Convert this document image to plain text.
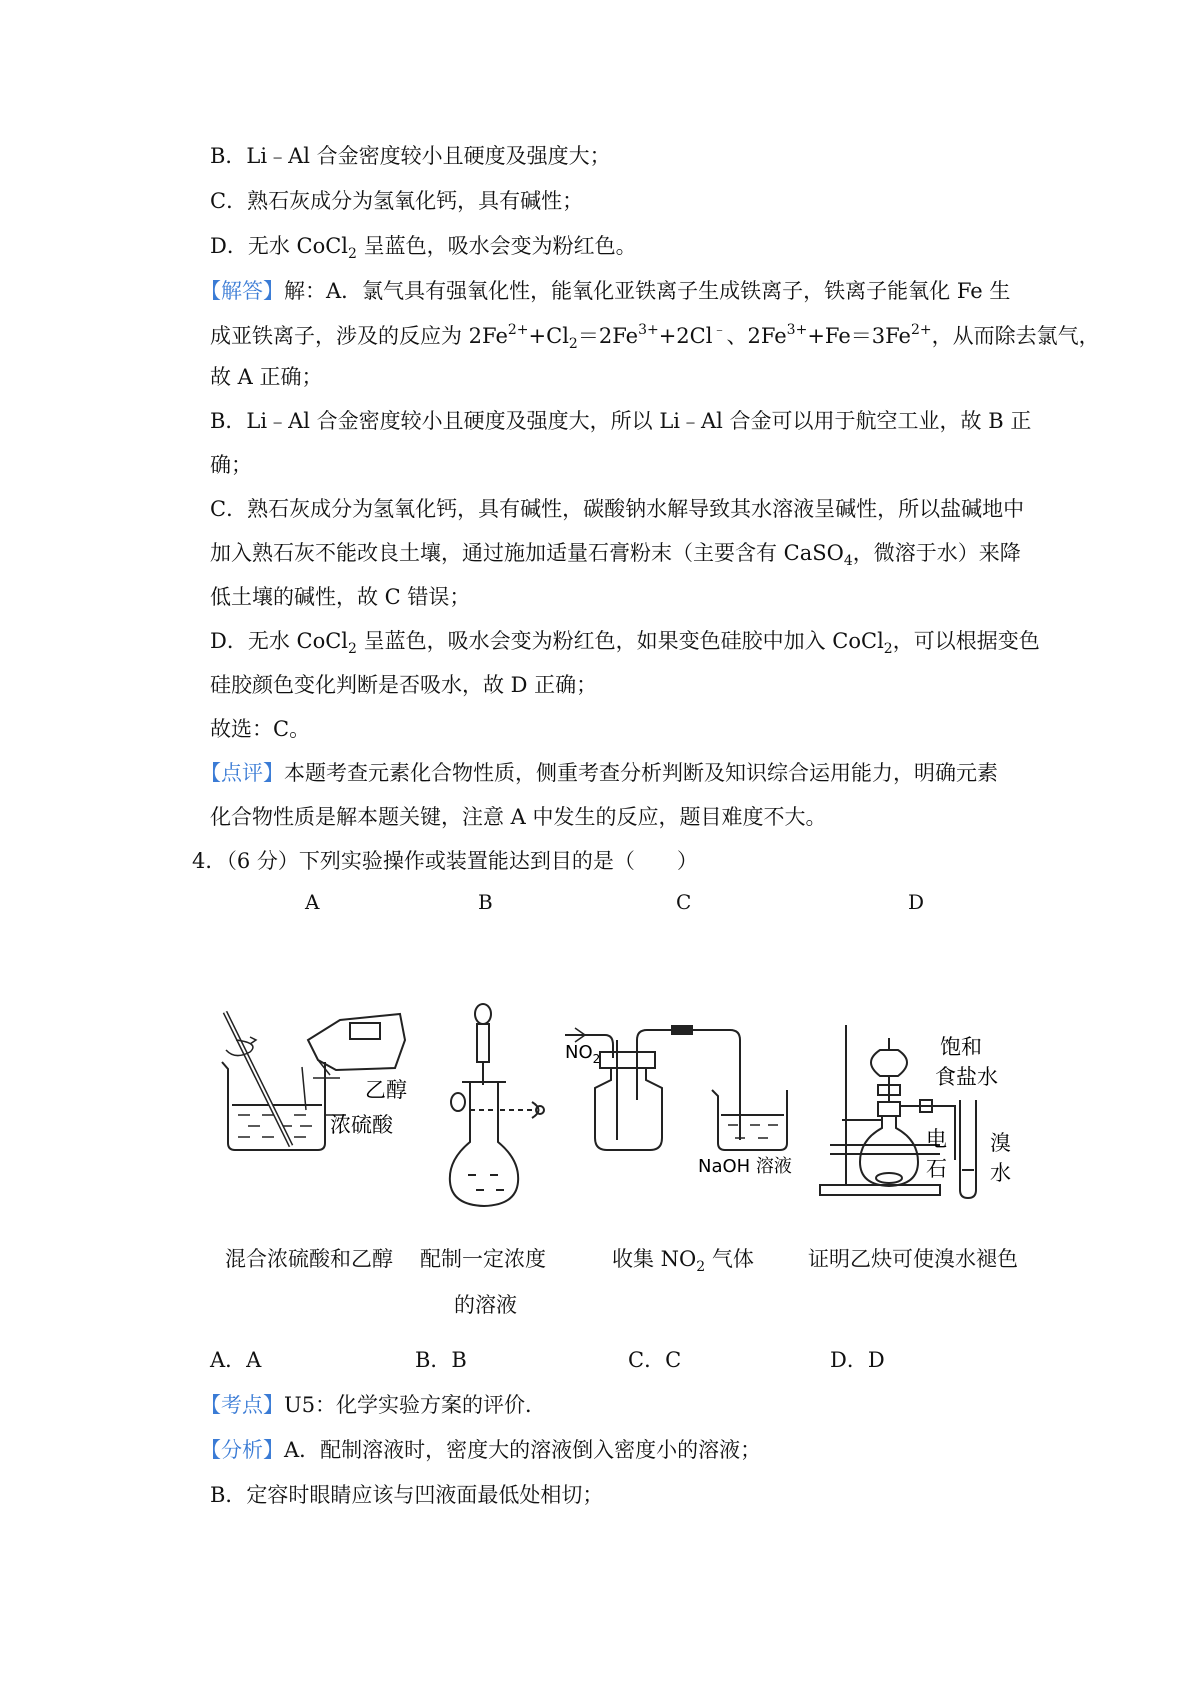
B．Li﹣Al 合金密度较小且硬度及强度大；
C．熟石灰成分为氢氧化钙，具有碱性；
D．无水 CoCl$_2$ 呈蓝色，吸水会变为粉红色。
【解答】解：A．氯气具有强氧化性，能氧化亚铁离子生成铁离子，铁离子能氧化 Fe 生
成亚铁离子，涉及的反应为 $2Fe^{2+}+Cl_2=2Fe^{3+}+2Cl^﹣$、$2Fe^{3+}+Fe=3Fe^{2+}$，从而除去氯气，
故 A 正确；
B．Li﹣Al 合金密度较小且硬度及强度大，所以 Li﹣Al 合金可以用于航空工业，故 B 正
确；
C．熟石灰成分为氢氧化钙，具有碱性，碳酸钠水解导致其水溶液呈碱性，所以盐碱地中
加入熟石灰不能改良土壤，通过施加适量石膏粉末（主要含有 CaSO$_4$，微溶于水）来降
低土壤的碱性，故 C 错误；
D．无水 CoCl$_2$ 呈蓝色，吸水会变为粉红色，如果变色硅胶中加入 CoCl$_2$，可以根据变色
硅胶颜色变化判断是否吸水，故 D 正确；
故选：C。
【点评】本题考查元素化合物性质，侧重考查分析判断及知识综合运用能力，明确元素
化合物性质是解本题关键，注意 A 中发生的反应，题目难度不大。
4．（6 分）下列实验操作或装置能达到目的是（　　）
A	B	C	D
乙醇
浓硫酸
$NO_2$
NaOH 溶液
饱和
食盐水
电
石
溴
水
混合浓硫酸和乙醇 配制一定浓度
的溶液
收集 $NO_2$ 气体	证明乙炔可使溴水褪色
A．A	B．B	C．C	D．D
【考点】U5：化学实验方案的评价．
【分析】A．配制溶液时，密度大的溶液倒入密度小的溶液；
B．定容时眼睛应该与凹液面最低处相切；
